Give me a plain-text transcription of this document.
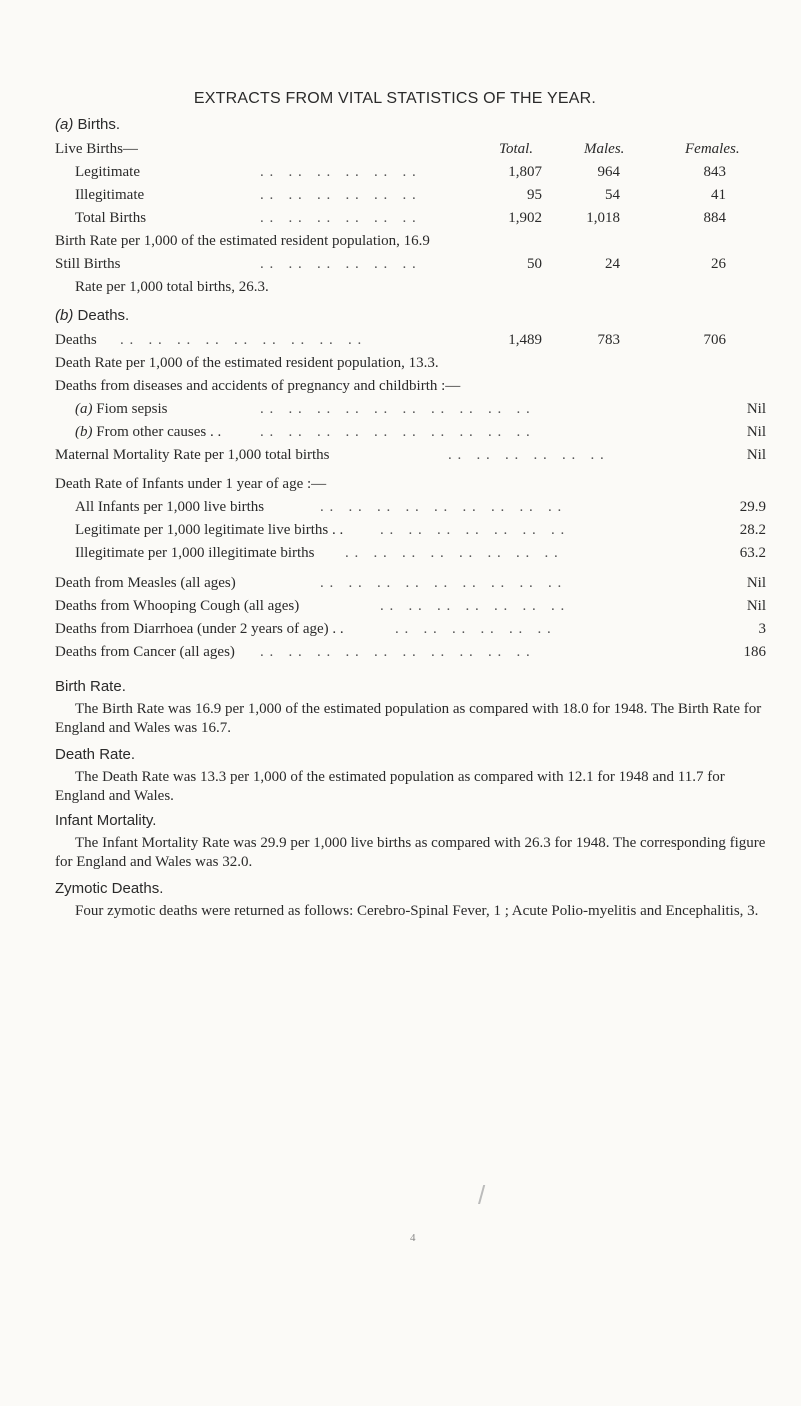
EXTRACTS FROM VITAL STATISTICS OF THE YEAR.
(a) Births.
Live Births—	Total.	Males.	Females.
Legitimate	. .   . .   . .   . .   . .   . .	1,807	964	843
Illegitimate	. .   . .   . .   . .   . .   . .	95	54	41
Total Births	. .   . .   . .   . .   . .   . .	1,902	1,018	884
Birth Rate per 1,000 of the estimated resident population, 16.9
Still Births	. .   . .   . .   . .   . .   . .	50	24	26
Rate per 1,000 total births, 26.3.
(b) Deaths.
Deaths . .   . .   . .   . .   . .   . .   . .   . .   . .	1,489	783	706
Death Rate per 1,000 of the estimated resident population, 13.3.
Deaths from diseases and accidents of pregnancy and childbirth :—
(a) Fiom sepsis	. .   . .   . .   . .   . .   . .   . .   . .   . .   . .	Nil
(b) From other causes . .	. .   . .   . .   . .   . .   . .   . .   . .   . .   . .	Nil
Maternal Mortality Rate per 1,000 total births	. .   . .   . .   . .   . .   . .	Nil
Death Rate of Infants under 1 year of age :—
All Infants per 1,000 live births	. .   . .   . .   . .   . .   . .   . .   . .   . .	29.9
Legitimate per 1,000 legitimate live births . . . .   . .   . .   . .   . .   . .   . .	28.2
Illegitimate per 1,000 illegitimate births . .   . .   . .   . .   . .   . .   . .   . .	63.2
Death from Measles (all ages)	. .   . .   . .   . .   . .   . .   . .   . .   . .	Nil
Deaths from Whooping Cough (all ages)	. .   . .   . .   . .   . .   . .   . .	Nil
Deaths from Diarrhoea (under 2 years of age) . .	. .   . .   . .   . .   . .   . .	3
Deaths from Cancer (all ages) . .   . .   . .   . .   . .   . .   . .   . .   . .   . .	186
Birth Rate.
The Birth Rate was 16.9 per 1,000 of the estimated population as compared with 18.0 for 1948. The Birth Rate for England and Wales was 16.7.
Death Rate.
The Death Rate was 13.3 per 1,000 of the estimated population as compared with 12.1 for 1948 and 11.7 for England and Wales.
Infant Mortality.
The Infant Mortality Rate was 29.9 per 1,000 live births as compared with 26.3 for 1948. The corresponding figure for England and Wales was 32.0.
Zymotic Deaths.
Four zymotic deaths were returned as follows: Cerebro-Spinal Fever, 1 ; Acute Polio-myelitis and Encephalitis, 3.
/
4
